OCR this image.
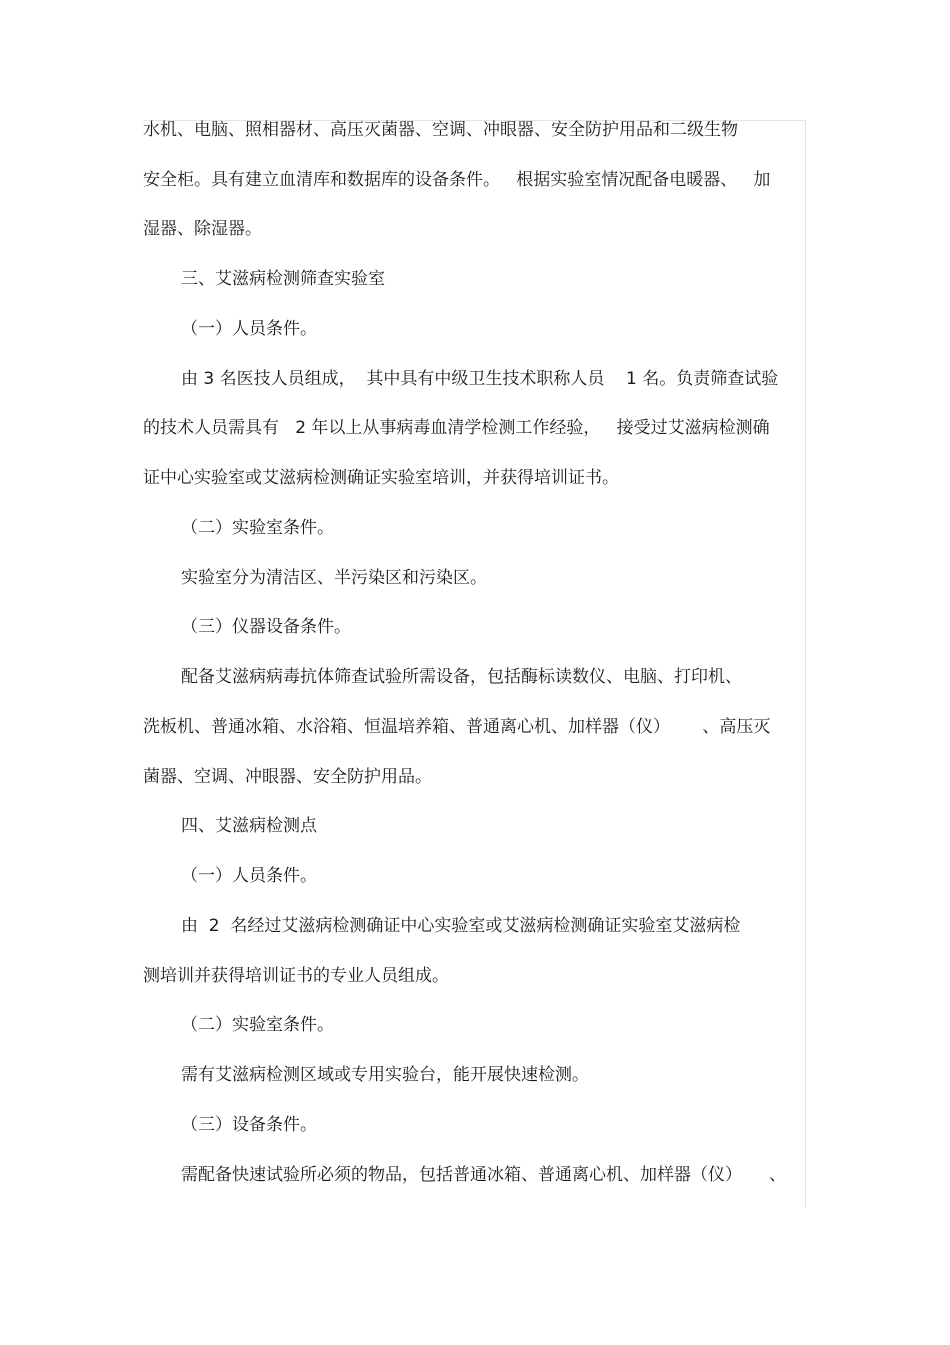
水机、电脑、照相器材、高压灭菌器、空调、冲眼器、安全防护用品和二级生物

安全柜。具有建立血清库和数据库的设备条件。   根据实验室情况配备电暖器、   加

湿器、除湿器。

三、艾滋病检测筛查实验室

（一）人员条件。

由 3 名医技人员组成，  其中具有中级卫生技术职称人员    1 名。负责筛查试验

的技术人员需具有   2 年以上从事病毒血清学检测工作经验，   接受过艾滋病检测确

证中心实验室或艾滋病检测确证实验室培训，并获得培训证书。

（二）实验室条件。

实验室分为清洁区、半污染区和污染区。

（三）仪器设备条件。

配备艾滋病病毒抗体筛查试验所需设备，包括酶标读数仪、电脑、打印机、

洗板机、普通冰箱、水浴箱、恒温培养箱、普通离心机、加样器（仪）      、高压灭

菌器、空调、冲眼器、安全防护用品。

四、艾滋病检测点

（一）人员条件。

由  2  名经过艾滋病检测确证中心实验室或艾滋病检测确证实验室艾滋病检

测培训并获得培训证书的专业人员组成。

（二）实验室条件。

需有艾滋病检测区域或专用实验台，能开展快速检测。

（三）设备条件。

需配备快速试验所必须的物品，包括普通冰箱、普通离心机、加样器（仪）     、
